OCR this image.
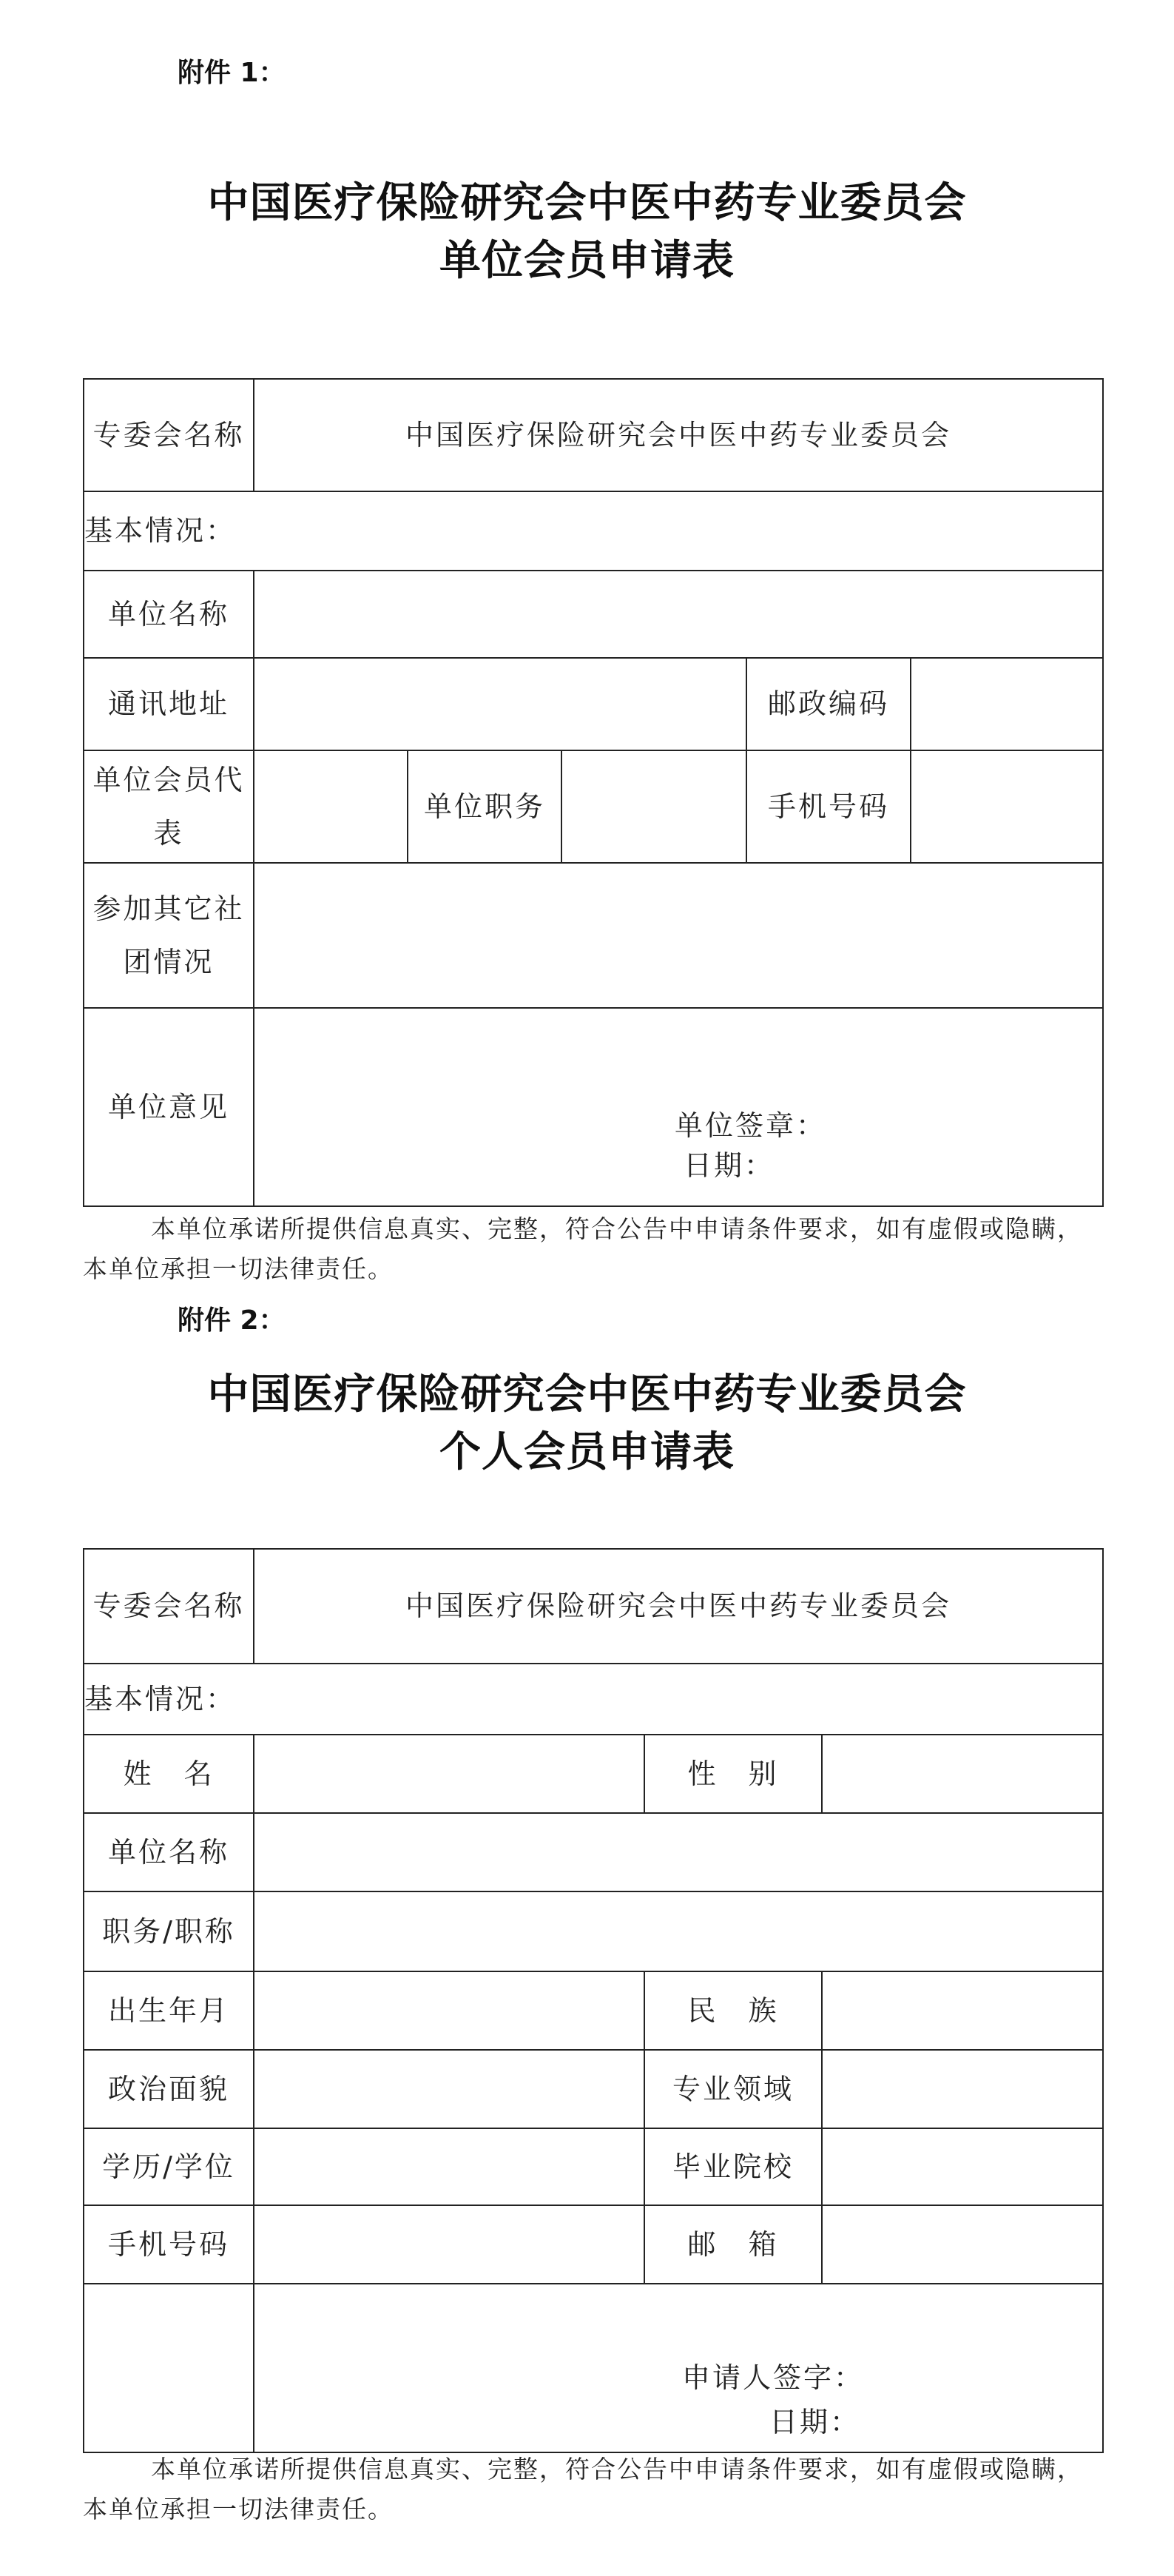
附件 1：
中国医疗保险研究会中医中药专业委员会
单位会员申请表
专委会名称	中国医疗保险研究会中医中药专业委员会				
基本情况：					
单位名称					
通讯地址				邮政编码	
单位会员代表		单位职务		手机号码	
参加其它社团情况					
单位意见	单位签章：
日期：				
本单位承诺所提供信息真实、完整，符合公告中申请条件要求，如有虚假或隐瞒，本单位承担一切法律责任。
附件 2：
中国医疗保险研究会中医中药专业委员会
个人会员申请表
专委会名称	中国医疗保险研究会中医中药专业委员会		
基本情况：			
姓　名		性　别	
单位名称			
职务/职称			
出生年月		民　族	
政治面貌		专业领域	
学历/学位		毕业院校	
手机号码		邮　箱	

	申请人签字：
日期：		
本单位承诺所提供信息真实、完整，符合公告中申请条件要求，如有虚假或隐瞒，本单位承担一切法律责任。
